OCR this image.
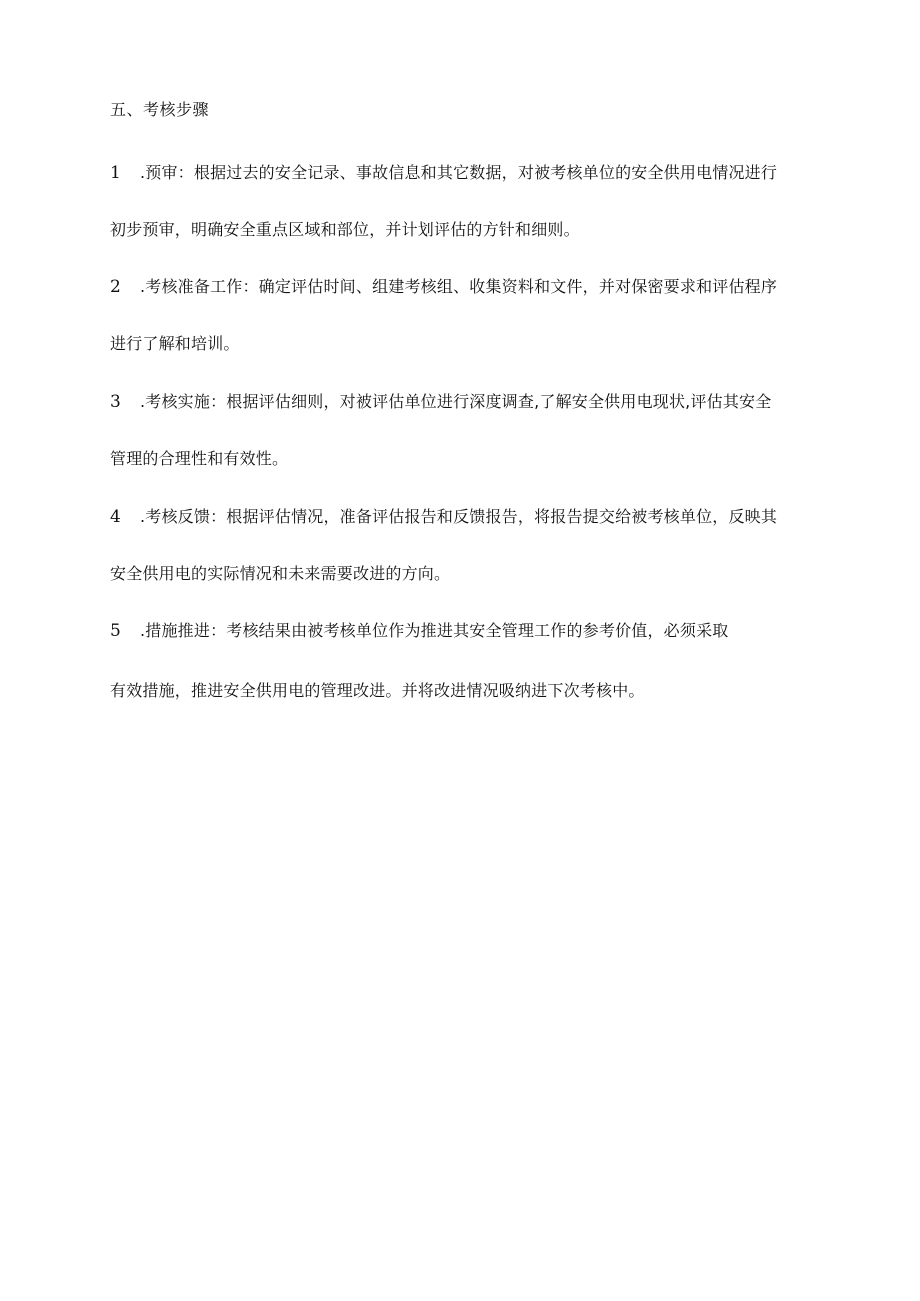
五、考核步骤
1 .预审：根据过去的安全记录、事故信息和其它数据，对被考核单位的安全供用电情况进行
初步预审，明确安全重点区域和部位，并计划评估的方针和细则。
2 .考核准备工作：确定评估时间、组建考核组、收集资料和文件，并对保密要求和评估程序
进行了解和培训。
3 .考核实施：根据评估细则，对被评估单位进行深度调查,了解安全供用电现状,评估其安全
管理的合理性和有效性。
4 .考核反馈：根据评估情况，准备评估报告和反馈报告，将报告提交给被考核单位，反映其
安全供用电的实际情况和未来需要改进的方向。
5 .措施推进：考核结果由被考核单位作为推进其安全管理工作的参考价值，必须采取
有效措施，推进安全供用电的管理改进。并将改进情况吸纳进下次考核中。
